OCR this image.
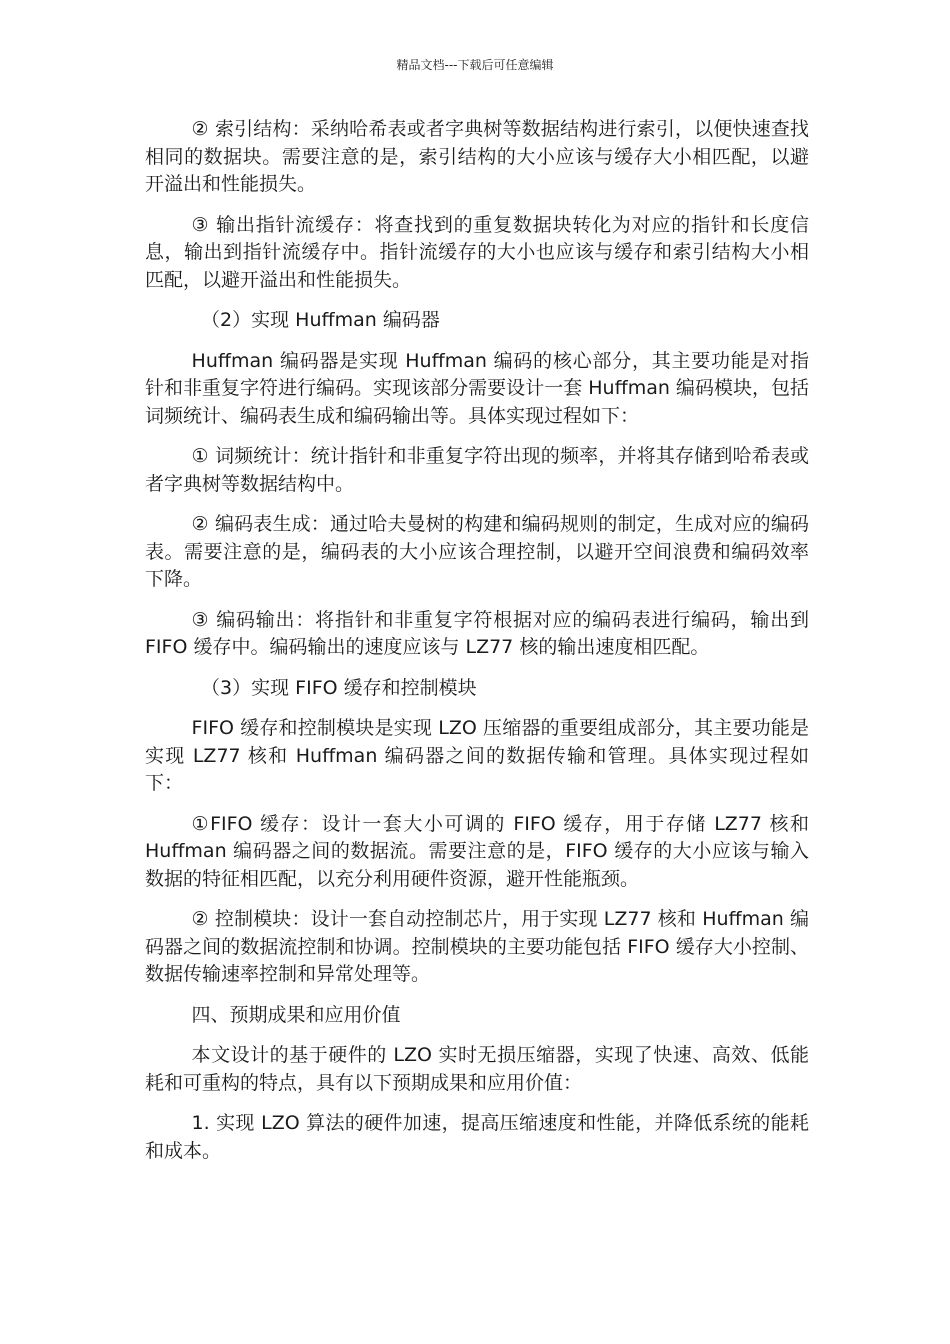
精品文档---下载后可任意编辑

② 索引结构：采纳哈希表或者字典树等数据结构进行索引，以便快速查找相同的数据块。需要注意的是，索引结构的大小应该与缓存大小相匹配，以避开溢出和性能损失。

③ 输出指针流缓存：将查找到的重复数据块转化为对应的指针和长度信息，输出到指针流缓存中。指针流缓存的大小也应该与缓存和索引结构大小相匹配，以避开溢出和性能损失。

（2）实现 Huffman 编码器

Huffman 编码器是实现 Huffman 编码的核心部分，其主要功能是对指针和非重复字符进行编码。实现该部分需要设计一套 Huffman 编码模块，包括词频统计、编码表生成和编码输出等。具体实现过程如下：

① 词频统计：统计指针和非重复字符出现的频率，并将其存储到哈希表或者字典树等数据结构中。

② 编码表生成：通过哈夫曼树的构建和编码规则的制定，生成对应的编码表。需要注意的是，编码表的大小应该合理控制，以避开空间浪费和编码效率下降。

③ 编码输出：将指针和非重复字符根据对应的编码表进行编码，输出到 FIFO 缓存中。编码输出的速度应该与 LZ77 核的输出速度相匹配。

（3）实现 FIFO 缓存和控制模块

FIFO 缓存和控制模块是实现 LZO 压缩器的重要组成部分，其主要功能是实现 LZ77 核和 Huffman 编码器之间的数据传输和管理。具体实现过程如下：

①FIFO 缓存：设计一套大小可调的 FIFO 缓存，用于存储 LZ77 核和 Huffman 编码器之间的数据流。需要注意的是，FIFO 缓存的大小应该与输入数据的特征相匹配，以充分利用硬件资源，避开性能瓶颈。

② 控制模块：设计一套自动控制芯片，用于实现 LZ77 核和 Huffman 编码器之间的数据流控制和协调。控制模块的主要功能包括 FIFO 缓存大小控制、数据传输速率控制和异常处理等。

四、预期成果和应用价值

本文设计的基于硬件的 LZO 实时无损压缩器，实现了快速、高效、低能耗和可重构的特点，具有以下预期成果和应用价值：

1. 实现 LZO 算法的硬件加速，提高压缩速度和性能，并降低系统的能耗和成本。
